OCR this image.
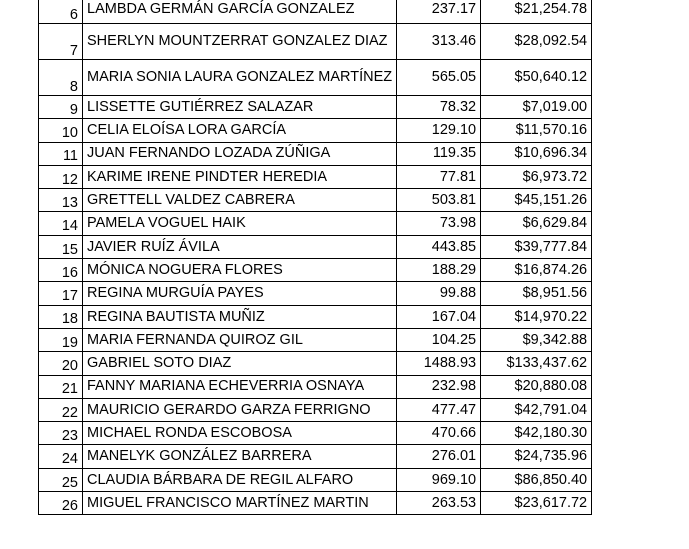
6	LAMBDA GERMÁN GARCÍA GONZALEZ	237.17	$21,254.78
7	SHERLYN MOUNTZERRAT GONZALEZ DIAZ	313.46	$28,092.54
8	MARIA SONIA LAURA GONZALEZ MARTÍNEZ	565.05	$50,640.12
9	LISSETTE GUTIÉRREZ SALAZAR	78.32	$7,019.00
10	CELIA ELOÍSA LORA GARCÍA	129.10	$11,570.16
11	JUAN FERNANDO LOZADA ZÚÑIGA	119.35	$10,696.34
12	KARIME IRENE PINDTER HEREDIA	77.81	$6,973.72
13	GRETTELL VALDEZ CABRERA	503.81	$45,151.26
14	PAMELA VOGUEL HAIK	73.98	$6,629.84
15	JAVIER RUÍZ ÁVILA	443.85	$39,777.84
16	MÓNICA NOGUERA FLORES	188.29	$16,874.26
17	REGINA MURGUÍA PAYES	99.88	$8,951.56
18	REGINA BAUTISTA MUÑIZ	167.04	$14,970.22
19	MARIA FERNANDA QUIROZ GIL	104.25	$9,342.88
20	GABRIEL SOTO DIAZ	1488.93	$133,437.62
21	FANNY MARIANA ECHEVERRIA OSNAYA	232.98	$20,880.08
22	MAURICIO GERARDO GARZA FERRIGNO	477.47	$42,791.04
23	MICHAEL RONDA ESCOBOSA	470.66	$42,180.30
24	MANELYK GONZÁLEZ BARRERA	276.01	$24,735.96
25	CLAUDIA BÁRBARA DE REGIL ALFARO	969.10	$86,850.40
26	MIGUEL FRANCISCO MARTÍNEZ MARTIN	263.53	$23,617.72
